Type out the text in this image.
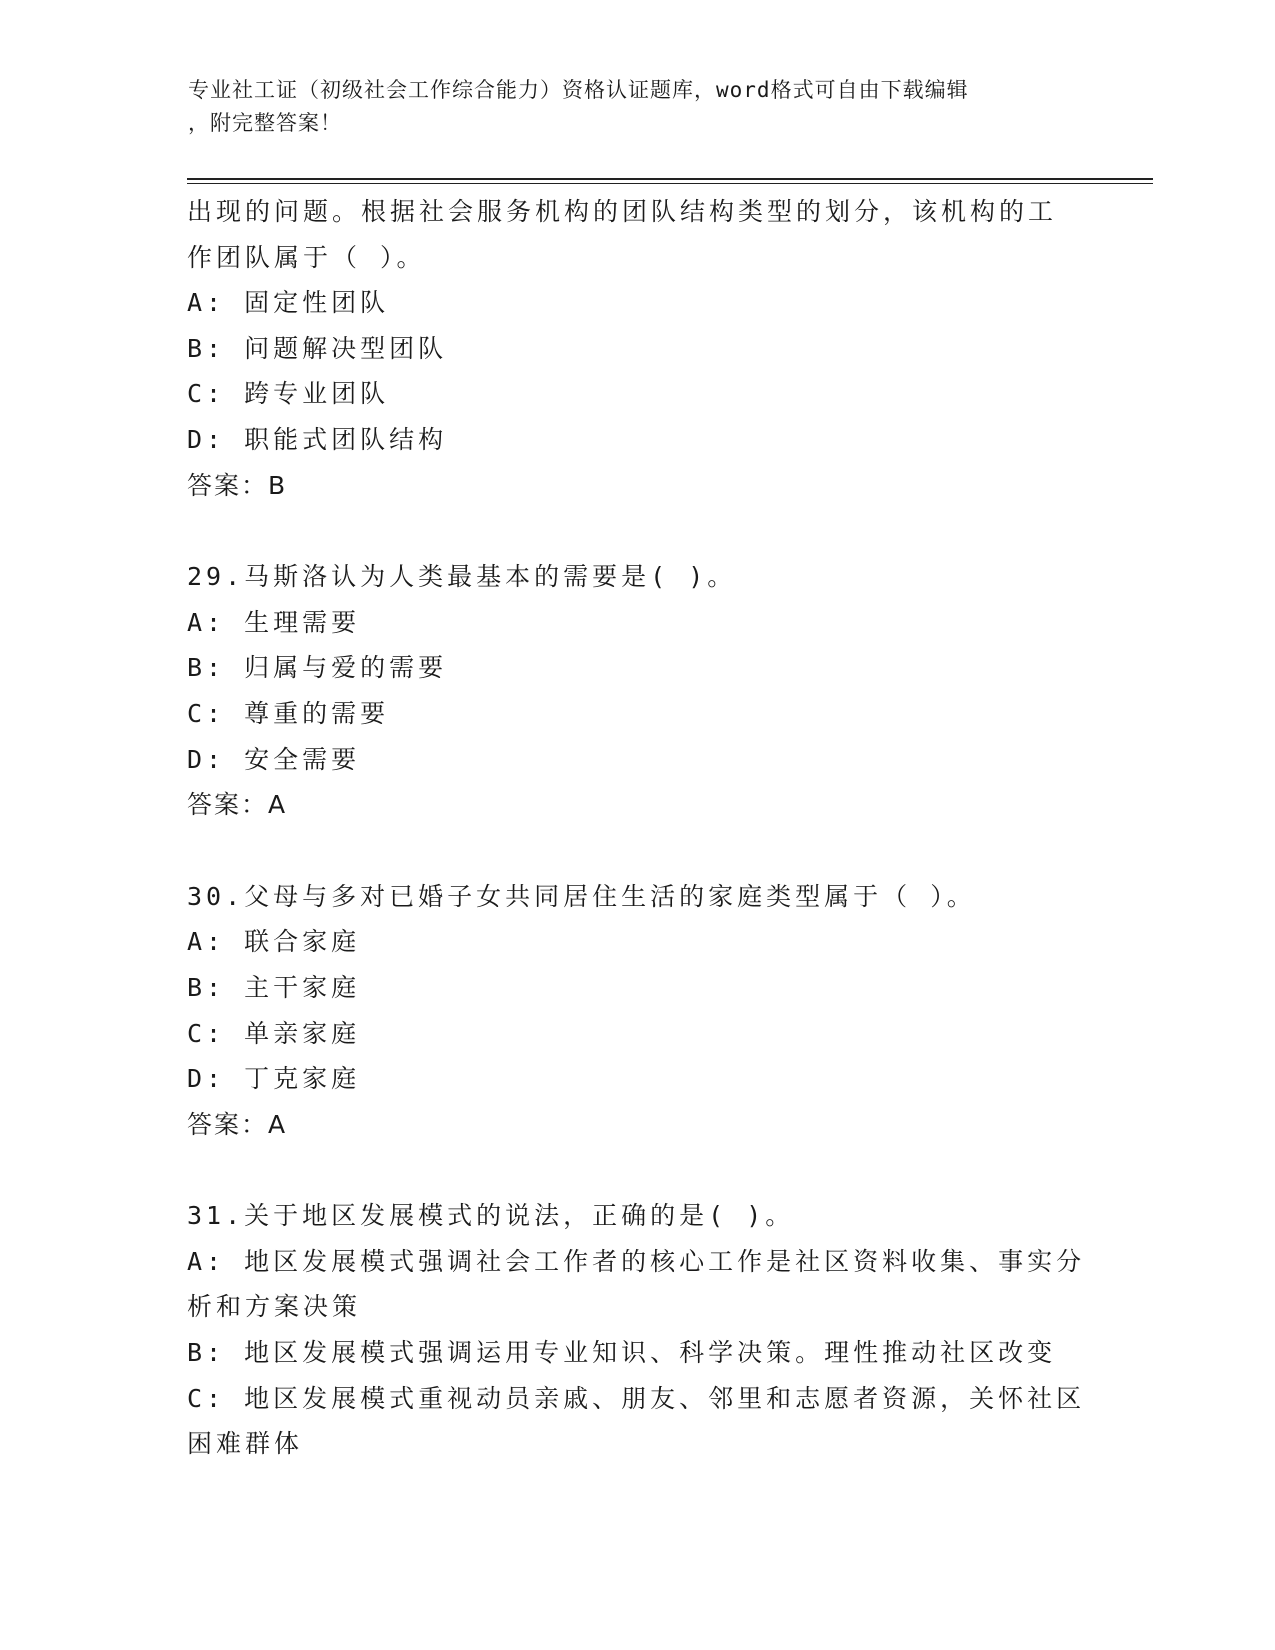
专业社工证（初级社会工作综合能力）资格认证题库，word格式可自由下载编辑
，附完整答案！
出现的问题。根据社会服务机构的团队结构类型的划分，该机构的工
作团队属于（ ）。
A: 固定性团队
B: 问题解决型团队
C: 跨专业团队
D: 职能式团队结构
答案：B
29.马斯洛认为人类最基本的需要是( )。
A: 生理需要
B: 归属与爱的需要
C: 尊重的需要
D: 安全需要
答案：A
30.父母与多对已婚子女共同居住生活的家庭类型属于（ ）。
A: 联合家庭
B: 主干家庭
C: 单亲家庭
D: 丁克家庭
答案：A
31.关于地区发展模式的说法，正确的是( )。
A: 地区发展模式强调社会工作者的核心工作是社区资料收集、事实分
析和方案决策
B: 地区发展模式强调运用专业知识、科学决策。理性推动社区改变
C: 地区发展模式重视动员亲戚、朋友、邻里和志愿者资源，关怀社区
困难群体
